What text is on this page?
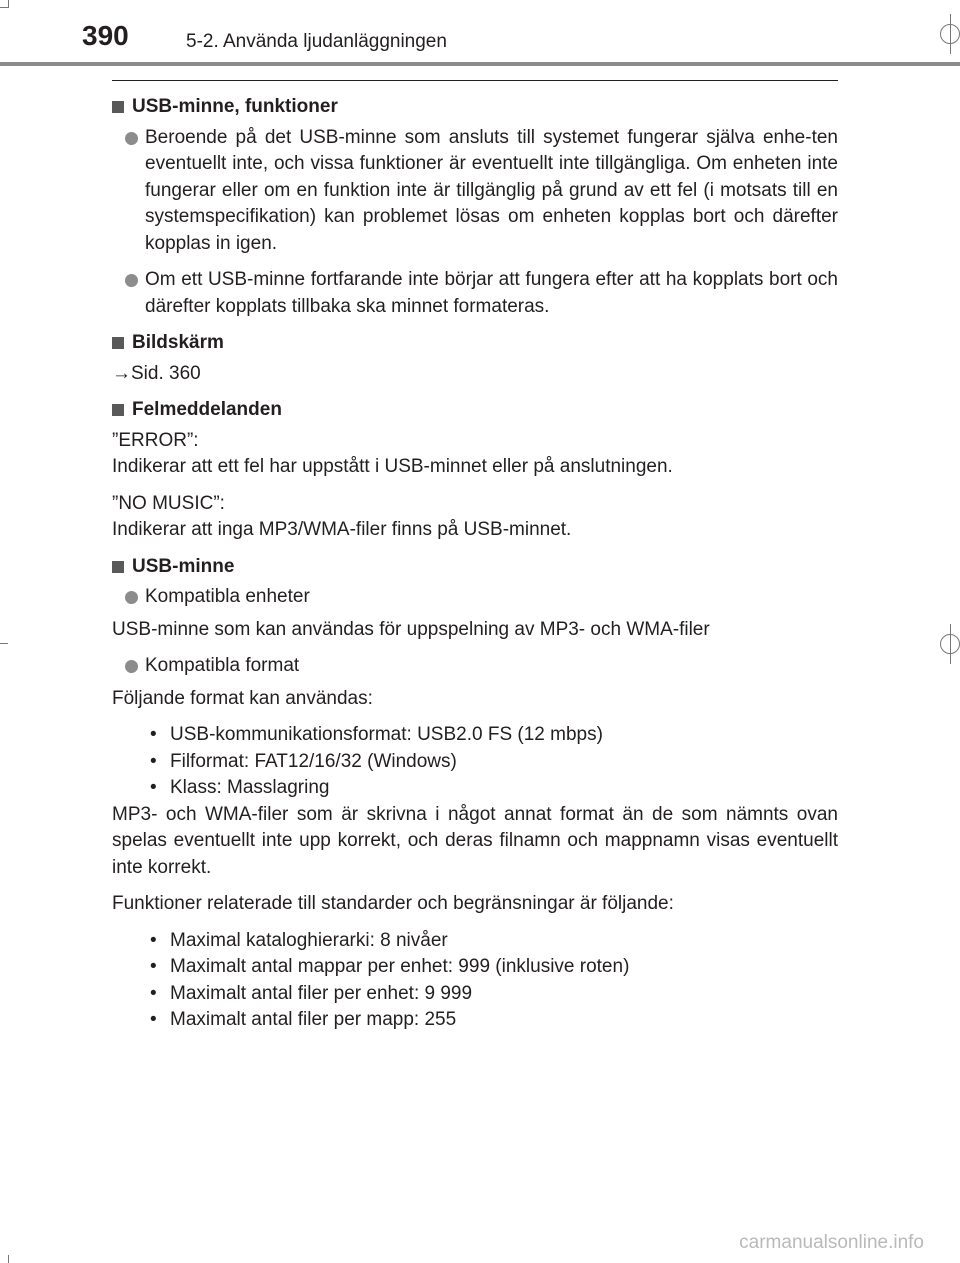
390	5-2. Använda ljudanläggningen
USB-minne, funktioner
Beroende på det USB-minne som ansluts till systemet fungerar själva enhe-ten eventuellt inte, och vissa funktioner är eventuellt inte tillgängliga. Om enheten inte fungerar eller om en funktion inte är tillgänglig på grund av ett fel (i motsats till en systemspecifikation) kan problemet lösas om enheten kopplas bort och därefter kopplas in igen.
Om ett USB-minne fortfarande inte börjar att fungera efter att ha kopplats bort och därefter kopplats tillbaka ska minnet formateras.
Bildskärm
→Sid. 360
Felmeddelanden
”ERROR”:
Indikerar att ett fel har uppstått i USB-minnet eller på anslutningen.
”NO MUSIC”:
Indikerar att inga MP3/WMA-filer finns på USB-minnet.
USB-minne
Kompatibla enheter
USB-minne som kan användas för uppspelning av MP3- och WMA-filer
Kompatibla format
Följande format kan användas:
• USB-kommunikationsformat: USB2.0 FS (12 mbps)
• Filformat: FAT12/16/32 (Windows)
• Klass: Masslagring
MP3- och WMA-filer som är skrivna i något annat format än de som nämnts ovan spelas eventuellt inte upp korrekt, och deras filnamn och mappnamn visas eventuellt inte korrekt.
Funktioner relaterade till standarder och begränsningar är följande:
• Maximal kataloghierarki: 8 nivåer
• Maximalt antal mappar per enhet: 999 (inklusive roten)
• Maximalt antal filer per enhet: 9 999
• Maximalt antal filer per mapp: 255
carmanualsonline.info
